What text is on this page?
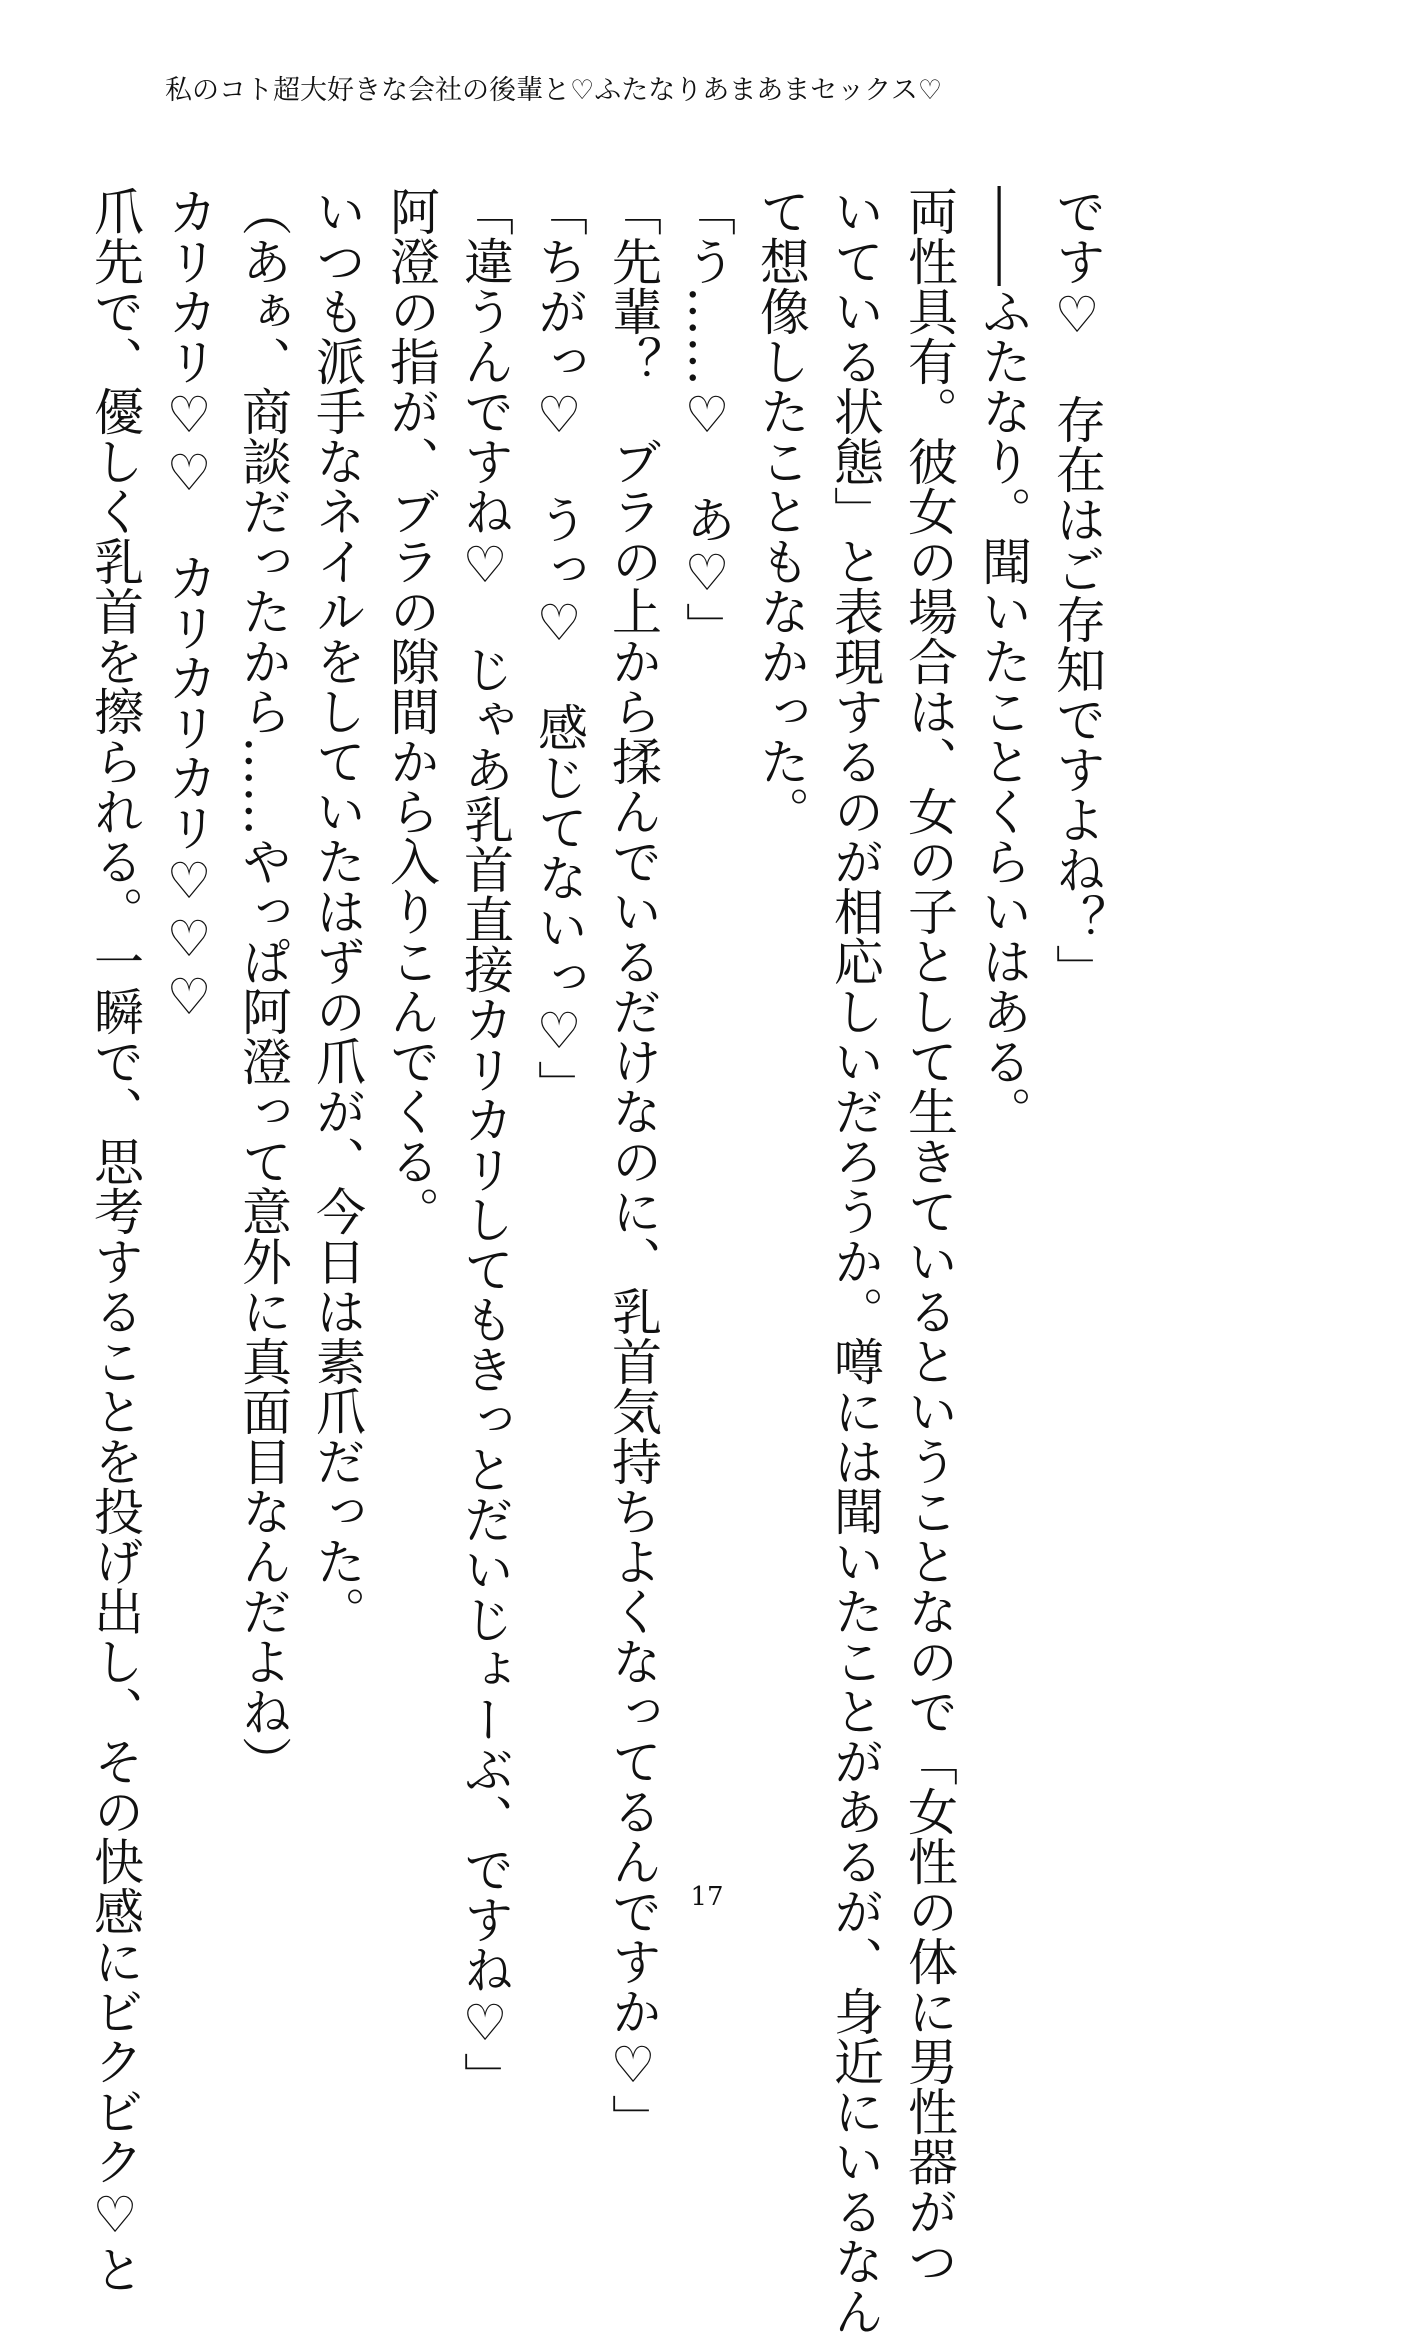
私のコト超大好きな会社の後輩と♡ふたなりあまあまセックス♡

です♡　存在はご存知ですよね？」

――ふたなり。聞いたことくらいはある。

両性具有。彼女の場合は、女の子として生きているということなので「女性の体に男性器がつ

いている状態」と表現するのが相応しいだろうか。噂には聞いたことがあるが、身近にいるなん

て想像したこともなかった。

「う……♡　あ♡」

「先輩？　ブラの上から揉んでいるだけなのに、乳首気持ちよくなってるんですか♡」

「ちがっ♡　うっ♡　感じてないっ♡」

「違うんですね♡　じゃあ乳首直接カリカリしてもきっとだいじょーぶ、ですね♡」

阿澄の指が、ブラの隙間から入りこんでくる。

いつも派手なネイルをしていたはずの爪が、今日は素爪だった。

（あぁ、商談だったから……やっぱ阿澄って意外に真面目なんだよね）

カリカリ♡♡　カリカリカリ♡♡♡

爪先で、優しく乳首を擦られる。一瞬で、思考することを投げ出し、その快感にビクビク♡と	17
